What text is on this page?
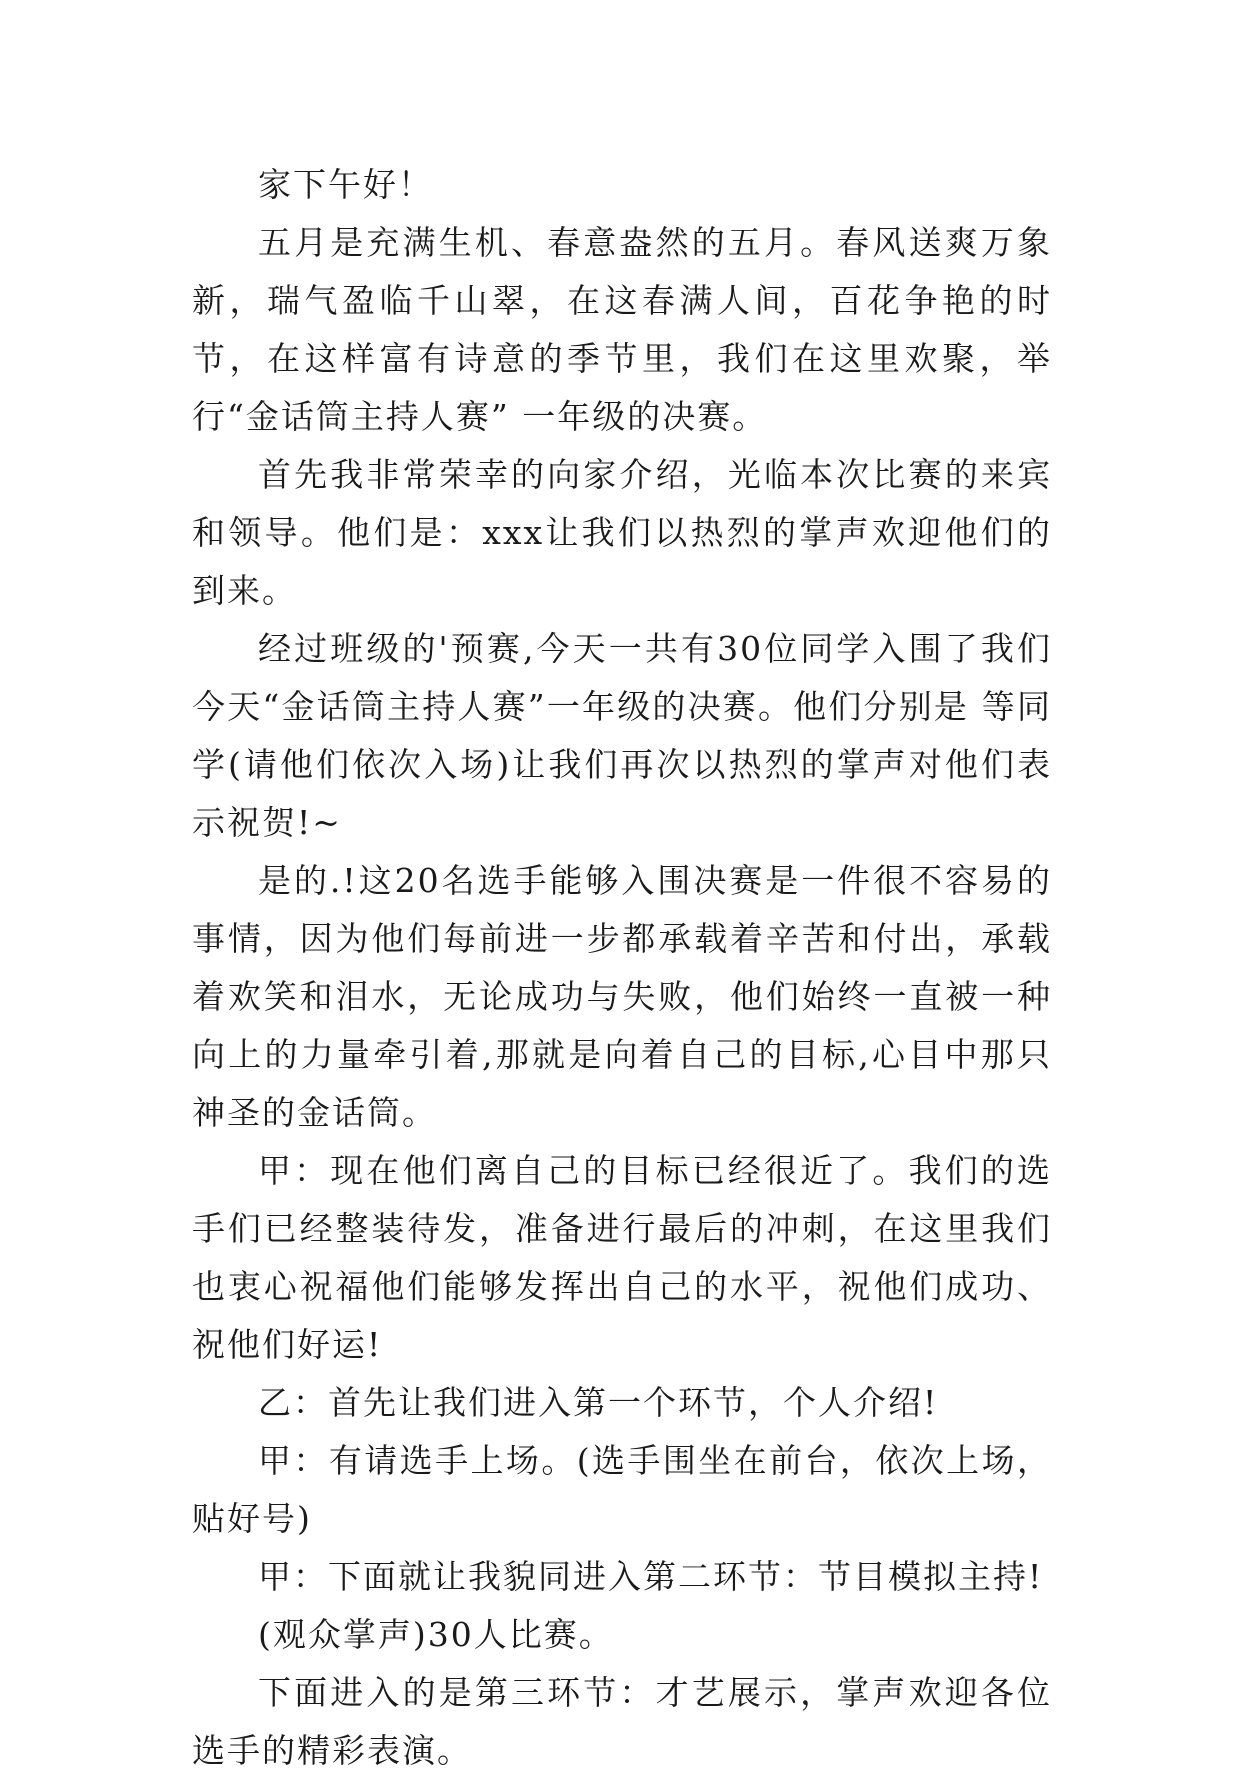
家下午好！

五月是充满生机、春意盎然的五月。春风送爽万象新，瑞气盈临千山翠，在这春满人间，百花争艳的时节，在这样富有诗意的季节里，我们在这里欢聚，举行“金话筒主持人赛” 一年级的决赛。

首先我非常荣幸的向家介绍，光临本次比赛的来宾和领导。他们是：xxx让我们以热烈的掌声欢迎他们的到来。

经过班级的'预赛,今天一共有30位同学入围了我们今天“金话筒主持人赛”一年级的决赛。他们分别是 等同学(请他们依次入场)让我们再次以热烈的掌声对他们表示祝贺!~

是的.!这20名选手能够入围决赛是一件很不容易的事情，因为他们每前进一步都承载着辛苦和付出，承载着欢笑和泪水，无论成功与失败，他们始终一直被一种向上的力量牵引着,那就是向着自己的目标,心目中那只神圣的金话筒。

甲：现在他们离自己的目标已经很近了。我们的选手们已经整装待发，准备进行最后的冲刺，在这里我们也衷心祝福他们能够发挥出自己的水平，祝他们成功、祝他们好运!

乙：首先让我们进入第一个环节，个人介绍!

甲：有请选手上场。(选手围坐在前台，依次上场，贴好号)

甲：下面就让我貌同进入第二环节：节目模拟主持!

(观众掌声)30人比赛。

下面进入的是第三环节：才艺展示，掌声欢迎各位选手的精彩表演。
